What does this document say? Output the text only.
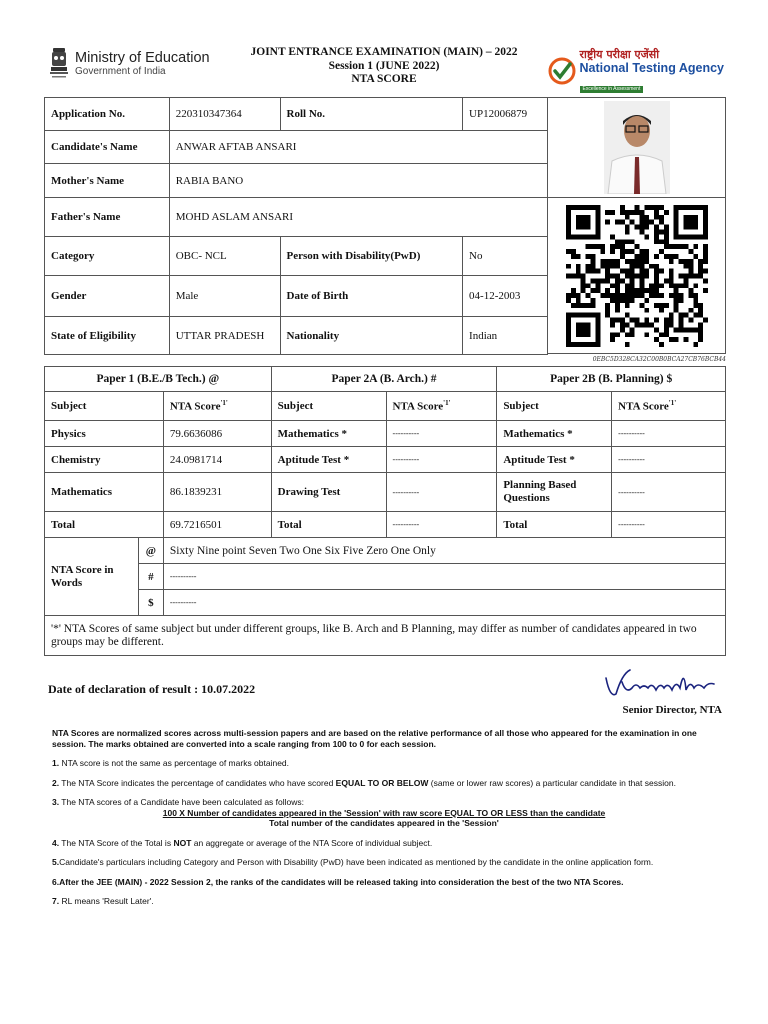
Ministry of Education
Government of India
JOINT ENTRANCE EXAMINATION (MAIN) – 2022
Session 1 (JUNE 2022)
NTA SCORE
राष्ट्रीय परीक्षा एजेंसी
National Testing Agency
Excellence in Assessment
Application No.	220310347364	Roll No.	UP12006879
Candidate's Name	ANWAR AFTAB ANSARI		
Mother's Name	RABIA BANO		
Father's Name	MOHD ASLAM ANSARI		
Category	OBC- NCL	Person with Disability(PwD)	No
Gender	Male	Date of Birth	04-12-2003
State of Eligibility	UTTAR PRADESH	Nationality	Indian
0EBC5D328CA32C00B0BCA27CB76BCB44
Paper 1 (B.E./B Tech.) @			Paper 2A (B. Arch.) #		Paper 2B (B. Planning) $	
Subject		NTA Score$^{'1'}$	Subject	NTA Score$^{'1'}$	Subject	NTA Score$^{'1'}$
Physics		79.6636086	Mathematics *	----------	Mathematics *	----------
Chemistry		24.0981714	Aptitude Test *	----------	Aptitude Test *	----------
Mathematics		86.1839231	Drawing Test	----------	Planning Based Questions	----------
Total		69.7216501	Total	----------	Total	----------
NTA Score in Words	@	Sixty Nine point Seven Two One Six Five Zero One Only				
	#	----------				
	$	----------				
'*' NTA Scores of same subject but under different groups, like B. Arch and B Planning, may differ as number of candidates appeared in two groups may be different.						
Date of declaration of result : 10.07.2022
Senior Director, NTA

NTA Scores are normalized scores across multi-session papers and are based on the relative performance of all those who appeared for the examination in one session. The marks obtained are converted into a scale ranging from 100 to 0 for each session.

1. NTA score is not the same as percentage of marks obtained.

2. The NTA Score indicates the percentage of candidates who have scored EQUAL TO OR BELOW (same or lower raw scores) a particular candidate in that session.

3. The NTA scores of a Candidate have been calculated as follows:

100 X Number of candidates appeared in the 'Session' with raw score EQUAL TO OR LESS than the candidate
Total number of the candidates appeared in the 'Session'

4. The NTA Score of the Total is NOT an aggregate or average of the NTA Score of individual subject.

5.Candidate's particulars including Category and Person with Disability (PwD) have been indicated as mentioned by the candidate in the online application form.

6.After the JEE (MAIN) - 2022 Session 2, the ranks of the candidates will be released taking into consideration the best of the two NTA Scores.

7. RL means 'Result Later'.
